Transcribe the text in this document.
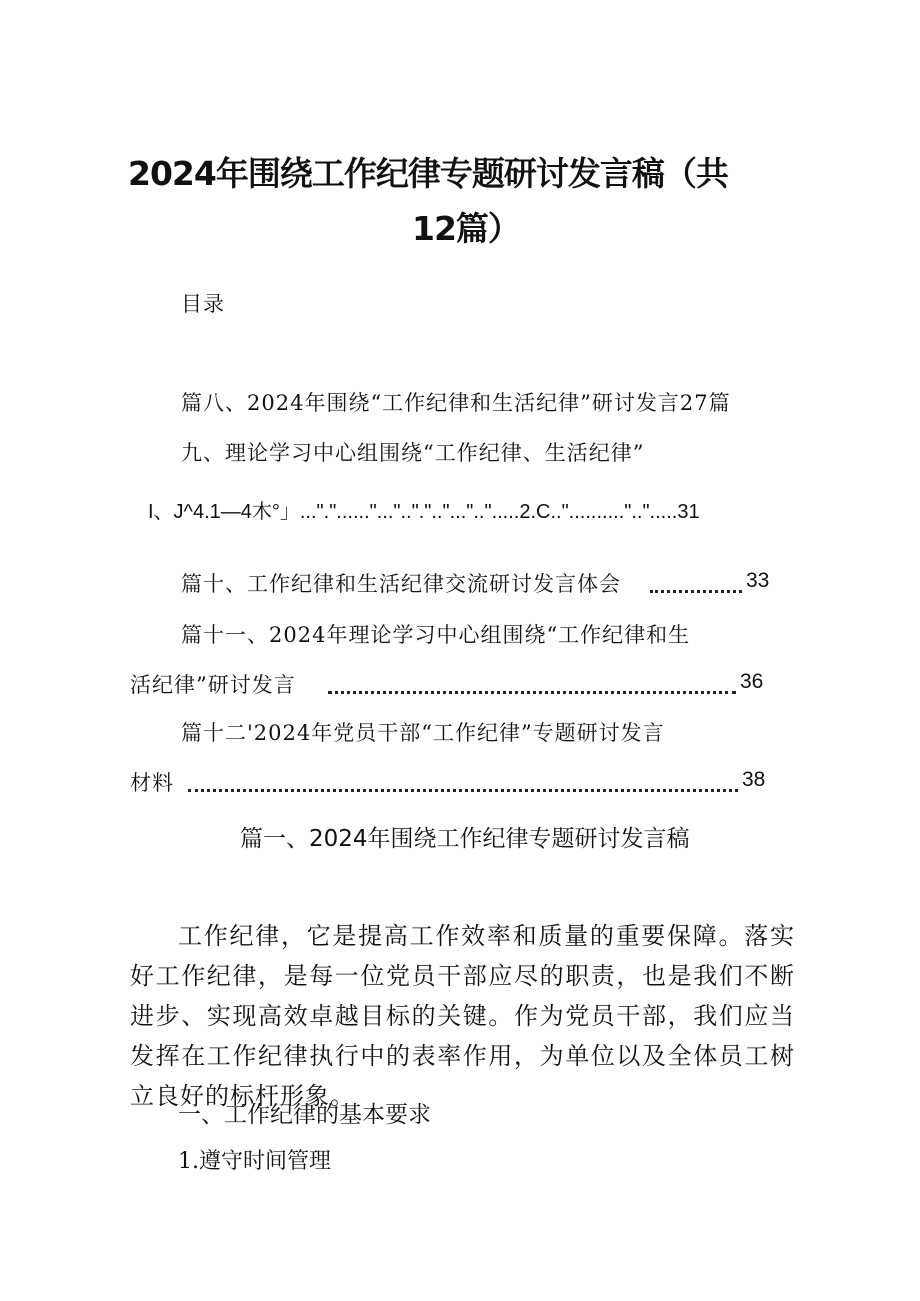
2024年围绕工作纪律专题研讨发言稿（共
12篇）
目录
篇八、2024年围绕“工作纪律和生活纪律”研讨发言27篇
九、理论学习中心组围绕“工作纪律、生活纪律”
I、J^4.1—4木°」..."."......"..."..".".."..."..".....2.C..".........."..".....31
篇十、工作纪律和生活纪律交流研讨发言体会	33
篇十一、2024年理论学习中心组围绕“工作纪律和生
活纪律”研讨发言	36
篇十二'2024年党员干部“工作纪律”专题研讨发言
材料	38
篇一、2024年围绕工作纪律专题研讨发言稿
工作纪律，它是提高工作效率和质量的重要保障。落实好工作纪律，是每一位党员干部应尽的职责，也是我们不断进步、实现高效卓越目标的关键。作为党员干部，我们应当发挥在工作纪律执行中的表率作用，为单位以及全体员工树立良好的标杆形象。
一、工作纪律的基本要求
1.遵守时间管理
